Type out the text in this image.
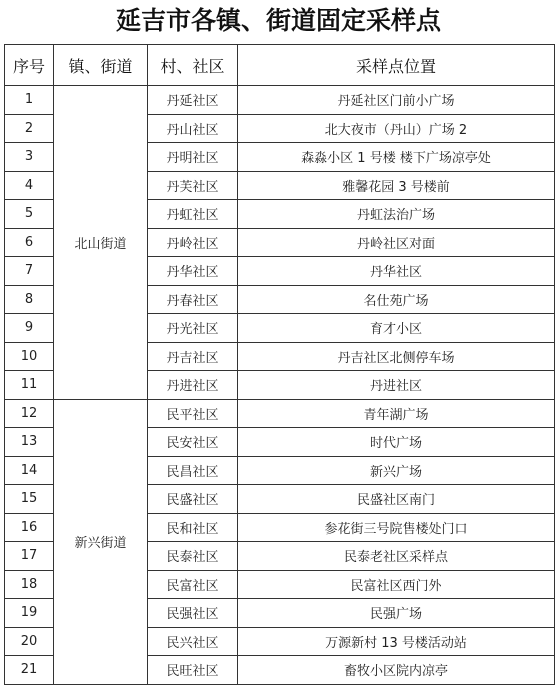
延吉市各镇、街道固定采样点
序号	镇、街道	村、社区	采样点位置
1	北山街道	丹延社区	丹延社区门前小广场
2		丹山社区	北大夜市（丹山）广场 2
3		丹明社区	森淼小区 1 号楼 楼下广场凉亭处
4		丹芙社区	雅馨花园 3 号楼前
5		丹虹社区	丹虹法治广场
6		丹岭社区	丹岭社区对面
7		丹华社区	丹华社区
8		丹春社区	名仕苑广场
9		丹光社区	育才小区
10		丹吉社区	丹吉社区北侧停车场
11		丹进社区	丹进社区
12	新兴街道	民平社区	青年湖广场
13		民安社区	时代广场
14		民昌社区	新兴广场
15		民盛社区	民盛社区南门
16		民和社区	参花街三号院售楼处门口
17		民泰社区	民泰老社区采样点
18		民富社区	民富社区西门外
19		民强社区	民强广场
20		民兴社区	万源新村 13 号楼活动站
21		民旺社区	畜牧小区院内凉亭
